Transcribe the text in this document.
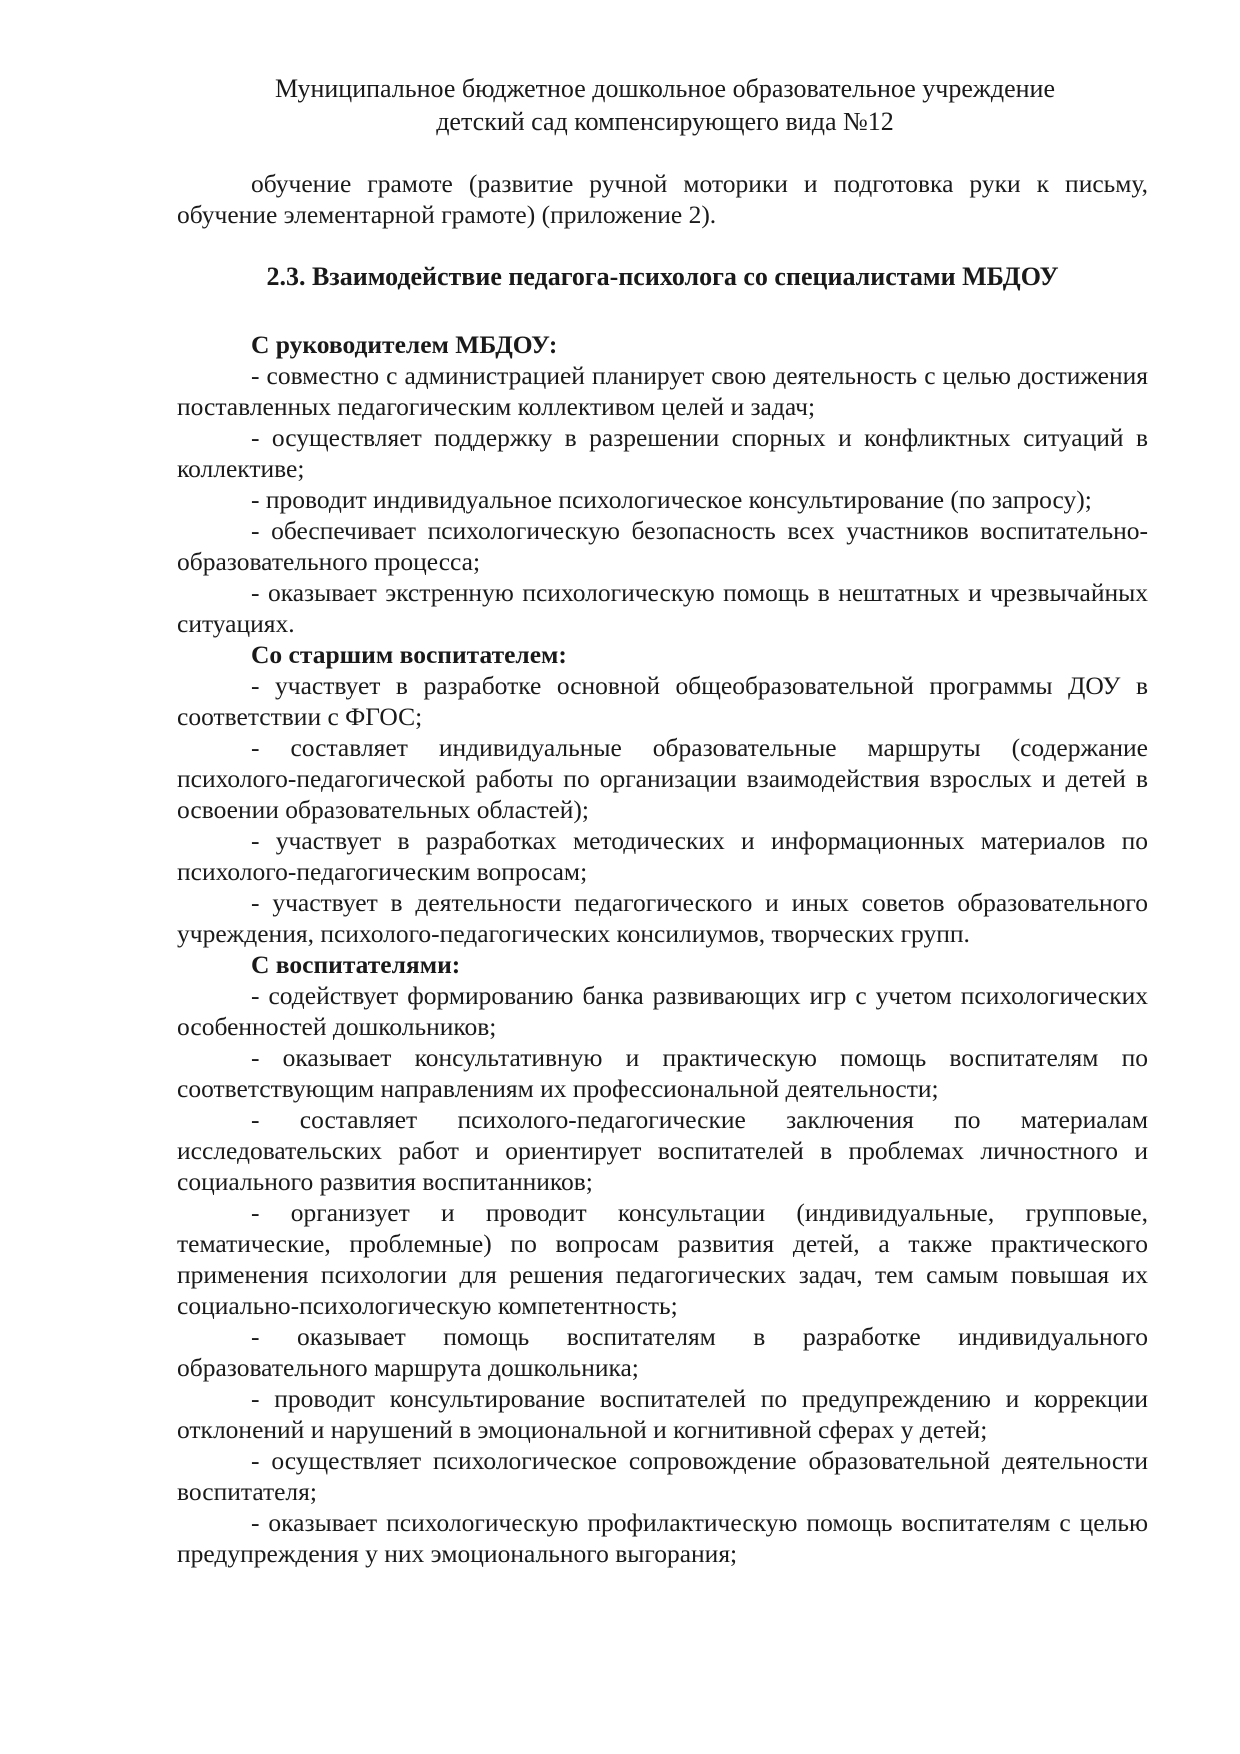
Муниципальное бюджетное дошкольное образовательное учреждение
детский сад компенсирующего вида №12

обучение грамоте (развитие ручной моторики и подготовка руки к письму, обучение элементарной грамоте) (приложение 2).

2.3. Взаимодействие педагога-психолога со специалистами МБДОУ

С руководителем МБДОУ:

- совместно с администрацией планирует свою деятельность с целью достижения поставленных педагогическим коллективом целей и задач;

- осуществляет поддержку в разрешении спорных и конфликтных ситуаций в коллективе;

- проводит индивидуальное психологическое консультирование (по запросу);

- обеспечивает психологическую безопасность всех участников воспитательно-образовательного процесса;

- оказывает экстренную психологическую помощь в нештатных и чрезвычайных ситуациях.

Со старшим воспитателем:

- участвует в разработке основной общеобразовательной программы ДОУ в соответствии с ФГОС;

- составляет индивидуальные образовательные маршруты (содержание психолого-педагогической работы по организации взаимодействия взрослых и детей в освоении образовательных областей);

- участвует в разработках методических и информационных материалов по психолого-педагогическим вопросам;

- участвует в деятельности педагогического и иных советов образовательного учреждения, психолого-педагогических консилиумов, творческих групп.

С воспитателями:

- содействует формированию банка развивающих игр с учетом психологических особенностей дошкольников;

- оказывает консультативную и практическую помощь воспитателям по соответствующим направлениям их профессиональной деятельности;

- составляет психолого-педагогические заключения по материалам исследовательских работ и ориентирует воспитателей в проблемах личностного и социального развития воспитанников;

- организует и проводит консультации (индивидуальные, групповые, тематические, проблемные) по вопросам развития детей, а также практического применения психологии для решения педагогических задач, тем самым повышая их социально-психологическую компетентность;

- оказывает помощь воспитателям в разработке индивидуального образовательного маршрута дошкольника;

- проводит консультирование воспитателей по предупреждению и коррекции отклонений и нарушений в эмоциональной и когнитивной сферах у детей;

- осуществляет психологическое сопровождение образовательной деятельности воспитателя;

- оказывает психологическую профилактическую помощь воспитателям с целью предупреждения у них эмоционального выгорания;
